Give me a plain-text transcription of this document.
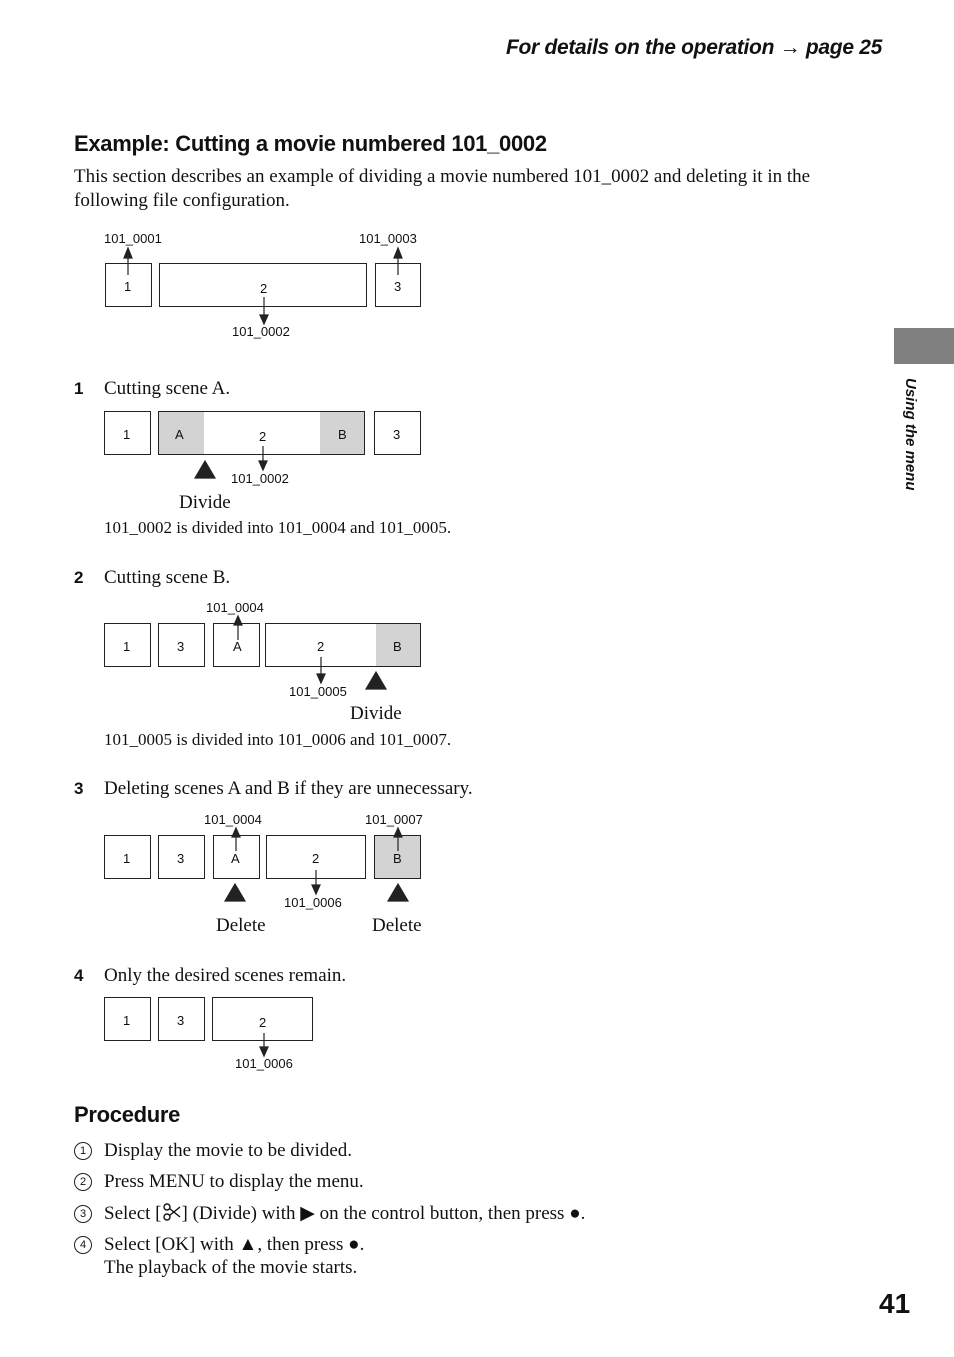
For details on the operation → page 25
Using the menu
Example: Cutting a movie numbered 101_0002
This section describes an example of dividing a movie numbered 101_0002 and deleting it in the following file configuration.
101_0001	101_0003
1	2	3
101_0002
1 Cutting scene A.
1	A	2	B	3
101_0002
Divide
101_0002 is divided into 101_0004 and 101_0005.
2 Cutting scene B.
101_0004
1	3	A	2	B
101_0005
Divide
101_0005 is divided into 101_0006 and 101_0007.
3 Deleting scenes A and B if they are unnecessary.
101_0004	101_0007
1	3	A	2	B
101_0006
Delete	Delete
4 Only the desired scenes remain.
1	3	2
101_0006
Procedure
1 Display the movie to be divided.
2 Press MENU to display the menu.
3 Select [ ] (Divide) with ▶ on the control button, then press ●.
4 Select [OK] with ▲, then press ●.
The playback of the movie starts.
41
